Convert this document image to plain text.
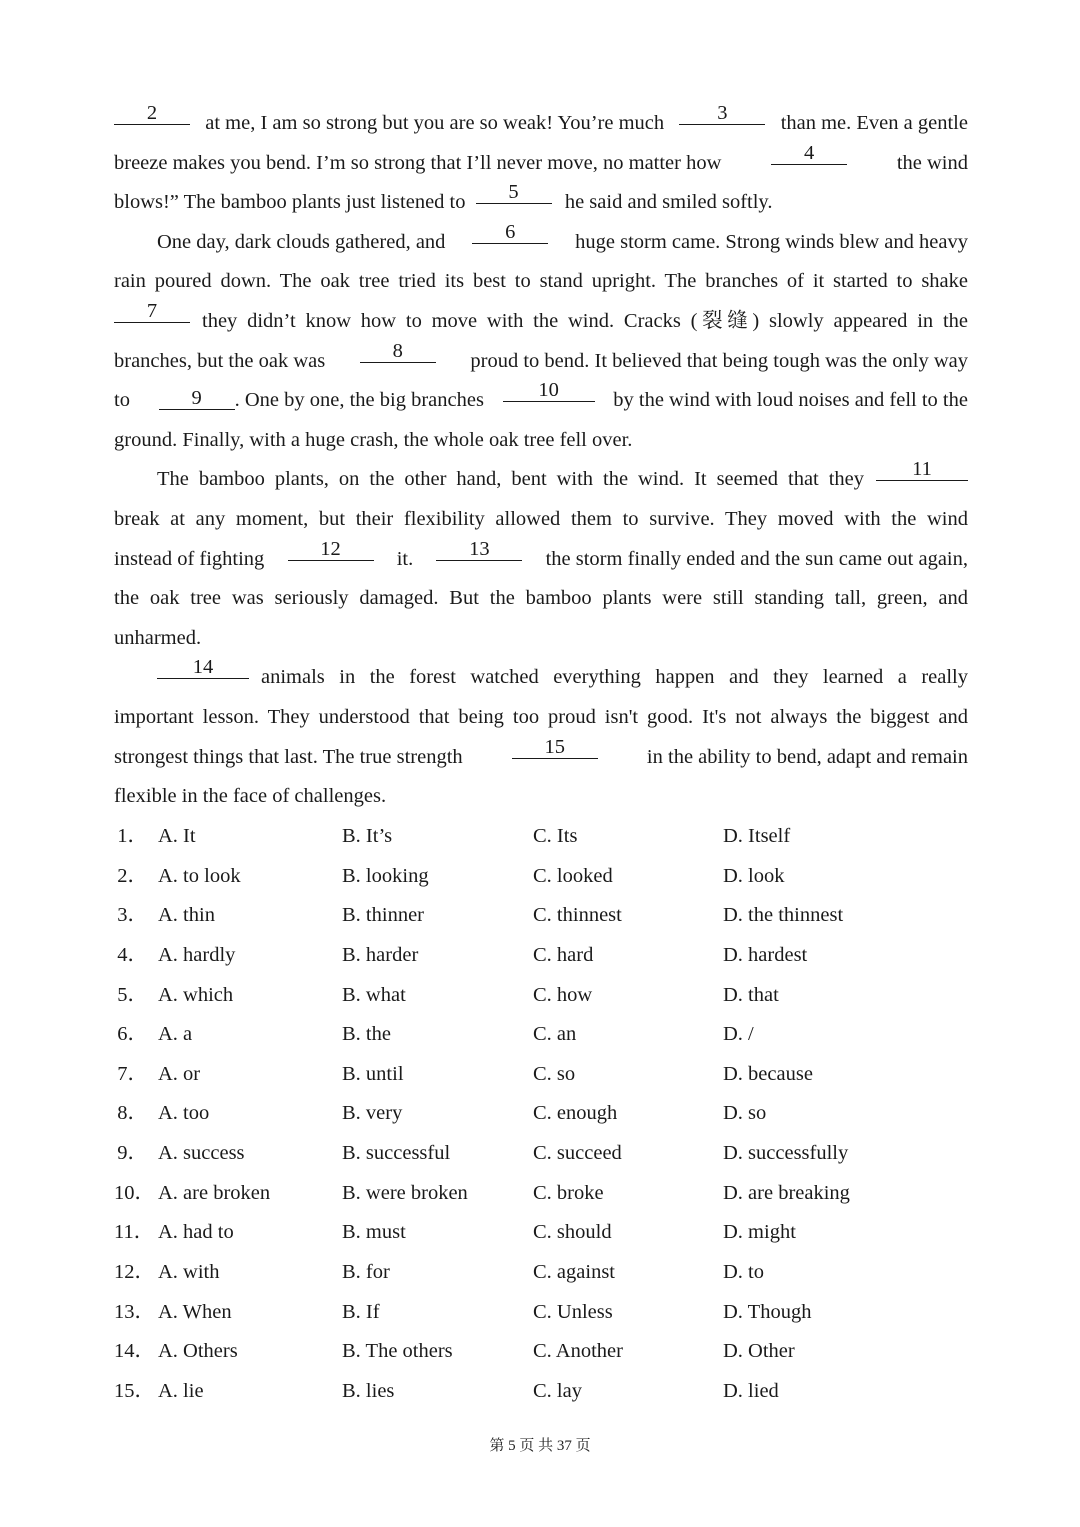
2	at me, I am so strong but you are so weak! You’re much	3	than me. Even a gentle
breeze makes you bend. I’m so strong that I’ll never move, no matter how	4	the wind
blows!” The bamboo plants just listened to	5	he said and smiled softly.
One day, dark clouds gathered, and	6	huge storm came. Strong winds blew and heavy
rain poured down. The oak tree tried its best to stand upright. The branches of it started to shake
7	they didn’t know how to move with the wind. Cracks (裂缝) slowly appeared in the
branches, but the oak was	8	proud to bend. It believed that being tough was the only way
to	9	. One by one, the big branches	10	by the wind with loud noises and fell to the
ground. Finally, with a huge crash, the whole oak tree fell over.
The bamboo plants, on the other hand, bent with the wind. It seemed that they	11
break at any moment, but their flexibility allowed them to survive. They moved with the wind
instead of fighting	12	it.	13	the storm finally ended and the sun came out again,
the oak tree was seriously damaged. But the bamboo plants were still standing tall, green, and
unharmed.
14	animals in the forest watched everything happen and they learned a really
important lesson. They understood that being too proud isn't good. It's not always the biggest and
strongest things that last. The true strength	15	in the ability to bend, adapt and remain
flexible in the face of challenges.
1． A. It	B. It’s	C. Its	D. Itself
2． A. to look	B. looking	C. looked	D. look
3． A. thin	B. thinner	C. thinnest	D. the thinnest
4． A. hardly	B. harder	C. hard	D. hardest
5． A. which	B. what	C. how	D. that
6． A. a	B. the	C. an	D. /
7． A. or	B. until	C. so	D. because
8． A. too	B. very	C. enough	D. so
9． A. success	B. successful	C. succeed	D. successfully
10． A. are broken	B. were broken	C. broke	D. are breaking
11． A. had to	B. must	C. should	D. might
12． A. with	B. for	C. against	D. to
13． A. When	B. If	C. Unless	D. Though
14． A. Others	B. The others	C. Another	D. Other
15． A. lie	B. lies	C. lay	D. lied
第 5 页 共 37 页
